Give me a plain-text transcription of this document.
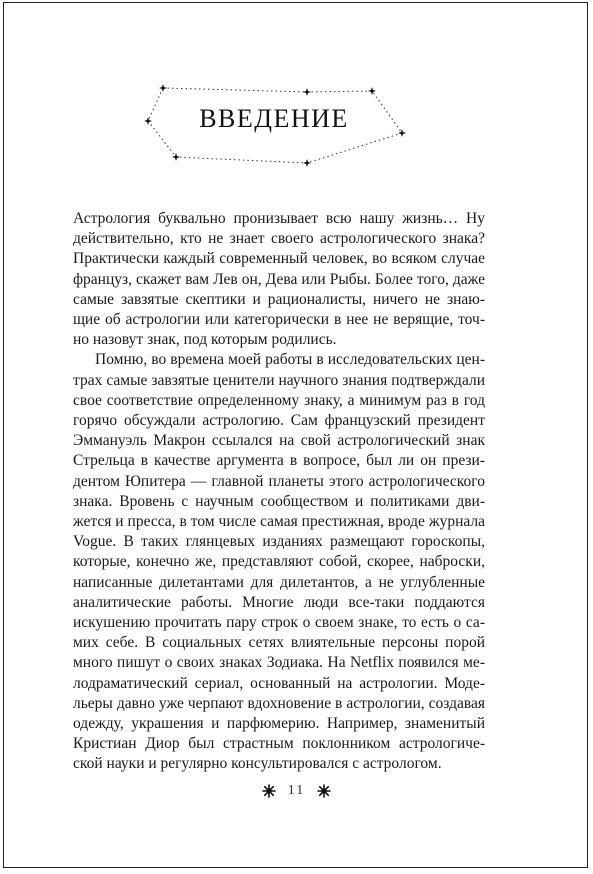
ВВЕДЕНИЕ

Астрология буквально пронизывает всю нашу жизнь… Ну действительно, кто не знает своего астрологического знака? Практически каждый современный человек, во всяком случае француз, скажет вам Лев он, Дева или Рыбы. Более того, даже самые завзятые скептики и рационалисты, ничего не знающие об астрологии или категорически в нее не верящие, точно назовут знак, под которым родились.

Помню, во времена моей работы в исследовательских центрах самые завзятые ценители научного знания подтверждали свое соответствие определенному знаку, а минимум раз в год горячо обсуждали астрологию. Сам французский президент Эммануэль Макрон ссылался на свой астрологический знак Стрельца в качестве аргумента в вопросе, был ли он президентом Юпитера — главной планеты этого астрологического знака. Вровень с научным сообществом и политиками движется и пресса, в том числе самая престижная, вроде журнала Vogue. В таких глянцевых изданиях размещают гороскопы, которые, конечно же, представляют собой, скорее, наброски, написанные дилетантами для дилетантов, а не углубленные аналитические работы. Многие люди все-таки поддаются искушению прочитать пару строк о своем знаке, то есть о самих себе. В социальных сетях влиятельные персоны порой много пишут о своих знаках Зодиака. На Netflix появился мелодраматический сериал, основанный на астрологии. Модельеры давно уже черпают вдохновение в астрологии, создавая одежду, украшения и парфюмерию. Например, знаменитый Кристиан Диор был страстным поклонником астрологической науки и регулярно консультировался с астрологом.

11
